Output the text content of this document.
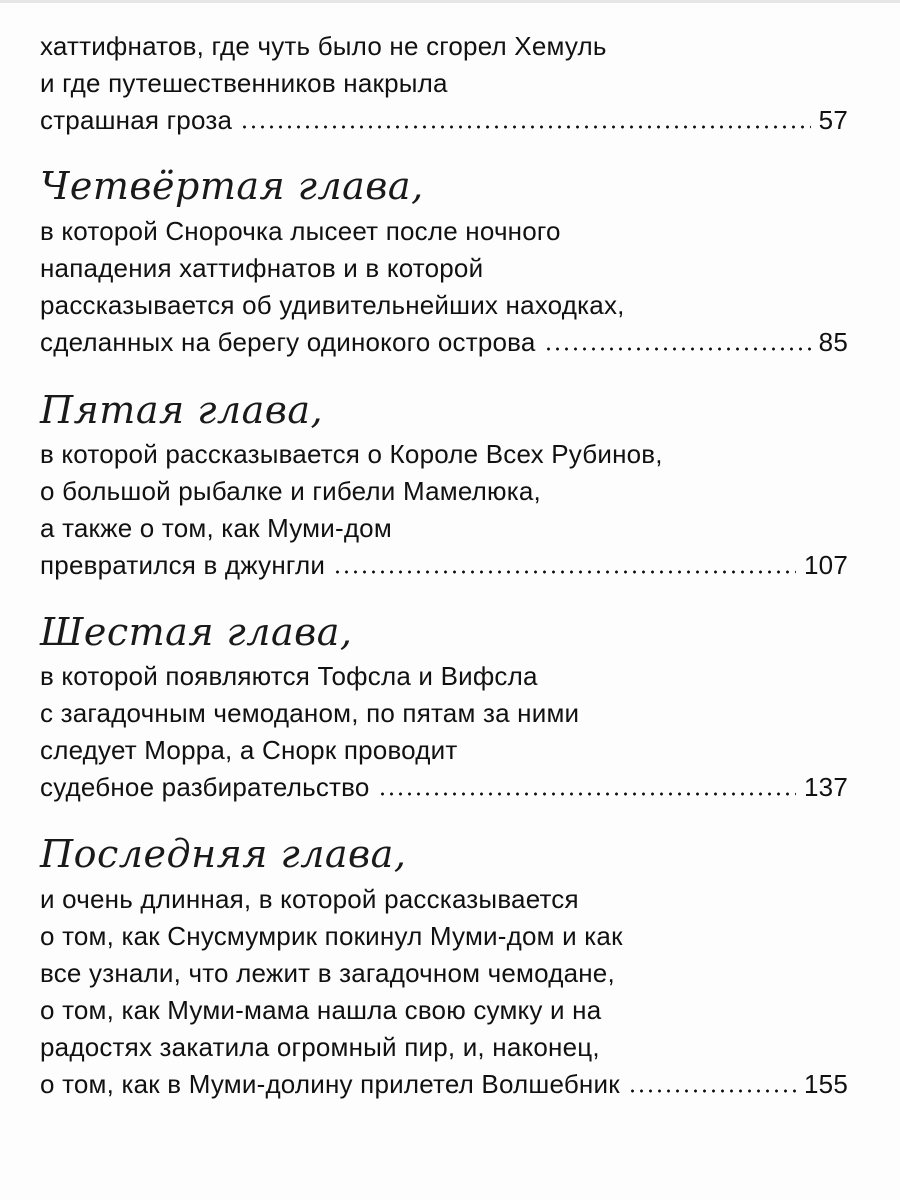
хаттифнатов, где чуть было не сгорел Хемуль
и где путешественников накрыла
страшная гроза	57
Четвёртая глава,
в которой Снорочка лысеет после ночного
нападения хаттифнатов и в которой
рассказывается об удивительнейших находках,
сделанных на берегу одинокого острова	85
Пятая глава,
в которой рассказывается о Короле Всех Рубинов,
о большой рыбалке и гибели Мамелюка,
а также о том, как Муми-дом
превратился в джунгли	107
Шестая глава,
в которой появляются Тофсла и Вифсла
с загадочным чемоданом, по пятам за ними
следует Морра, а Снорк проводит
судебное разбирательство	137
Последняя глава,
и очень длинная, в которой рассказывается
о том, как Снусмумрик покинул Муми-дом и как
все узнали, что лежит в загадочном чемодане,
о том, как Муми-мама нашла свою сумку и на
радостях закатила огромный пир, и, наконец,
о том, как в Муми-долину прилетел Волшебник	155
